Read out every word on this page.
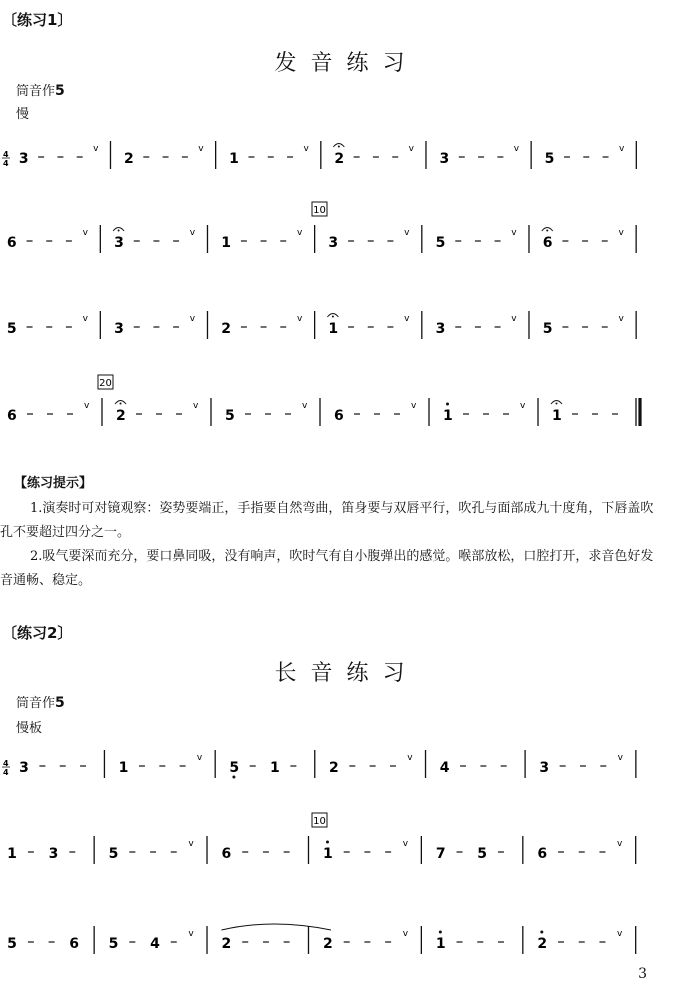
〔练习1〕
发音练习
筒音作5
慢
4
4 3
v
2
v
1
v
2
v
3
v
5
v
6
v
3
v
1
v
3
v
5
v
6
v
10
5
v
3
v
2
v
1
v
3
v
5
v
6
v
2
v
5
v
6
v
1
v
1
20
【练习提示】

1.演奏时可对镜观察：姿势要端正，手指要自然弯曲，笛身要与双唇平行，吹孔与面部成九十度角，下唇盖吹孔不要超过四分之一。

2.吸气要深而充分，要口鼻同吸，没有响声，吹时气有自小腹弹出的感觉。喉部放松，口腔打开，求音色好发音通畅、稳定。

〔练习2〕
长音练习
筒音作5
慢板
4
4 3	1
v
5 1	2
v
4	3
v
1 3	5
v
6	1
v
7 5	6
v
10
5	6 5 4
v
2	2
v
1	2
v
3
